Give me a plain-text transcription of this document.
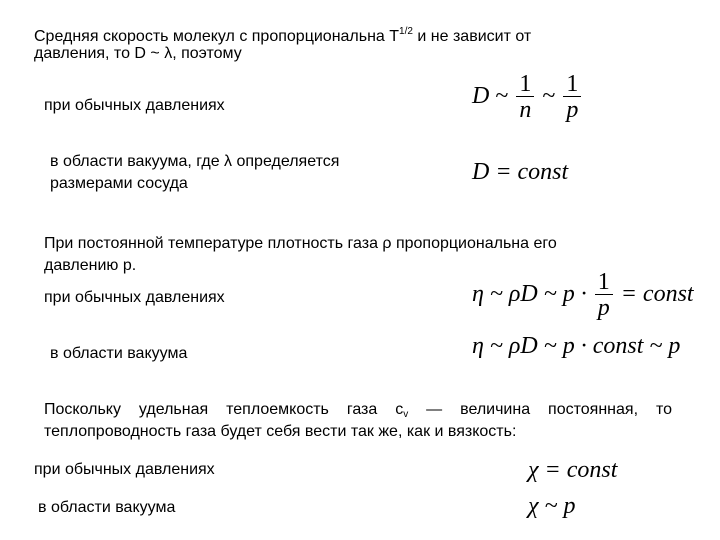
Средняя скорость молекул с пропорциональна $Т^{1/2}$ и не зависит от
давления, то D ~ λ, поэтому
при обычных давлениях	D ~ $\frac{1}{n}$ ~ $\frac{1}{p}$
в области вакуума, где λ определяется
размерами сосуда	D = const
При постоянной температуре плотность газа ρ пропорциональна его
давлению p.
при обычных давлениях	η ~ ρD ~ $p \cdot \frac{1}{p}$ = const
в области вакуума	η ~ ρD ~ p · const ~ p
Поскольку удельная теплоемкость газа $c_v$ — величина постоянная, то
теплопроводность газа будет себя вести так же, как и вязкость:
при обычных давлениях	χ = const
в области вакуума	χ ~ p
